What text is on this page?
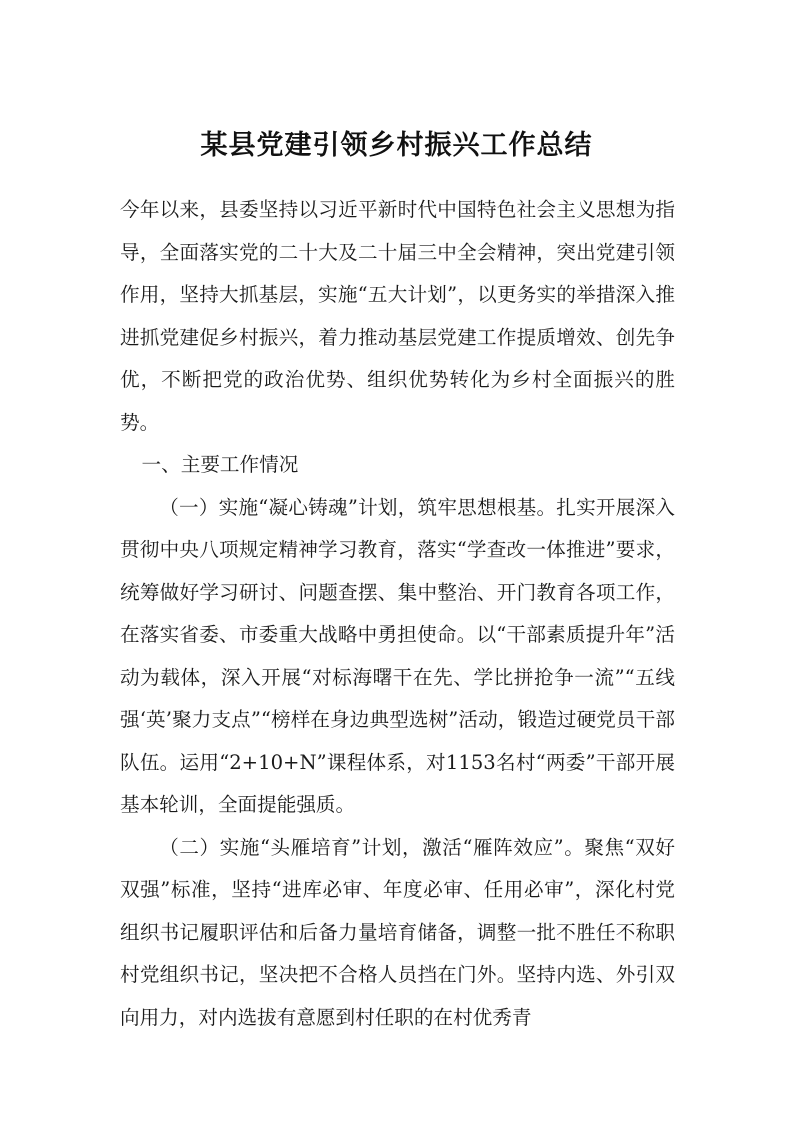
某县党建引领乡村振兴工作总结

今年以来，县委坚持以习近平新时代中国特色社会主义思想为指导，全面落实党的二十大及二十届三中全会精神，突出党建引领作用，坚持大抓基层，实施“五大计划”，以更务实的举措深入推进抓党建促乡村振兴，着力推动基层党建工作提质增效、创先争优，不断把党的政治优势、组织优势转化为乡村全面振兴的胜势。

一、主要工作情况

（一）实施“凝心铸魂”计划，筑牢思想根基。扎实开展深入贯彻中央八项规定精神学习教育，落实“学查改一体推进”要求，统筹做好学习研讨、问题查摆、集中整治、开门教育各项工作，在落实省委、市委重大战略中勇担使命。以“干部素质提升年”活动为载体，深入开展“对标海曙干在先、学比拼抢争一流”“五线强‘英’聚力支点”“榜样在身边典型选树”活动，锻造过硬党员干部队伍。运用“2+10+N”课程体系，对1153名村“两委”干部开展基本轮训，全面提能强质。

（二）实施“头雁培育”计划，激活“雁阵效应”。聚焦“双好双强”标准，坚持“进库必审、年度必审、任用必审”，深化村党组织书记履职评估和后备力量培育储备，调整一批不胜任不称职村党组织书记，坚决把不合格人员挡在门外。坚持内选、外引双向用力，对内选拔有意愿到村任职的在村优秀青
